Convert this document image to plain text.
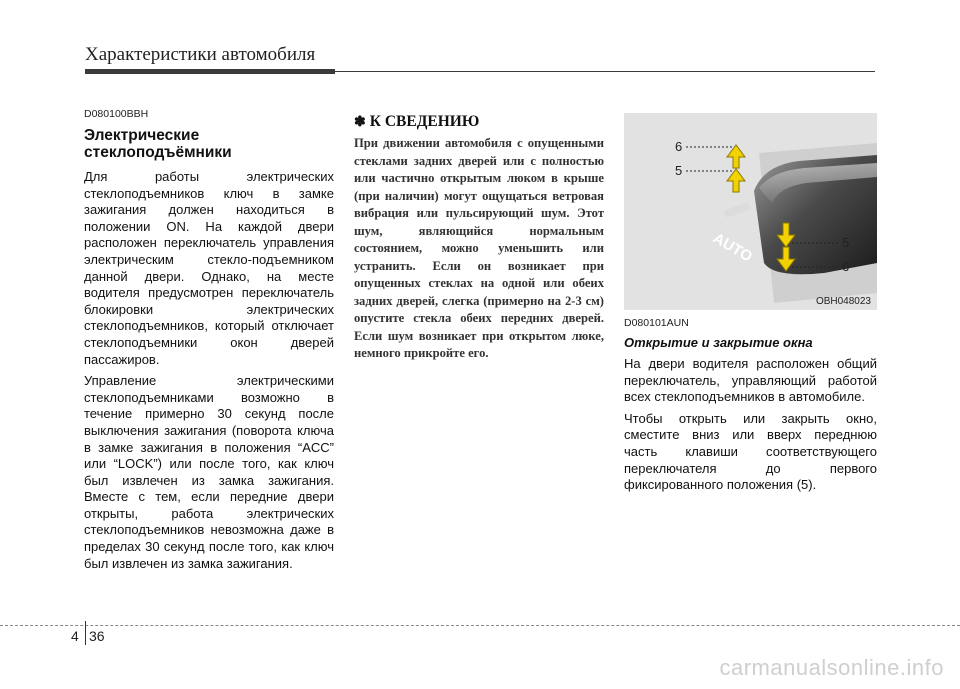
Характеристики автомобиля
D080100BBH
Электрические стеклоподъёмники

Для работы электрических стеклоподъемников ключ в замке зажигания должен находиться в положении ON. На каждой двери расположен переключатель управления электрическим стекло-подъемником данной двери. Однако, на месте водителя предусмотрен переключатель блокировки электрических стеклоподъемников, который отключает стеклоподъемники окон дверей пассажиров.

Управление электрическими стеклоподъемниками возможно в течение примерно 30 секунд после выключения зажигания (поворота ключа в замке зажигания в положения “ACC” или “LOCK”) или после того, как ключ был извлечен из замка зажигания. Вместе с тем, если передние двери открыты, работа электрических стеклоподъемников невозможна даже в пределах 30 секунд после того, как ключ был извлечен из замка зажигания.

✽ К СВЕДЕНИЮ
При движении автомобиля с опущенными стеклами задних дверей или с полностью или частично открытым люком в крыше (при наличии) могут ощущаться ветровая вибрация или пульсирующий шум. Этот шум, являющийся нормальным состоянием, можно уменьшить или устранить. Если он возникает при опущенных стеклах на одной или обеих задних дверей, слегка (примерно на 2-3 см) опустите стекла обеих передних дверей. Если шум возникает при открытом люке, немного прикройте его.
AUTO
6
5
5
6
OBH048023
D080101AUN
Открытие и закрытие окна

На двери водителя расположен общий переключатель, управляющий работой всех стеклоподъемников в автомобиле.

Чтобы открыть или закрыть окно, сместите вниз или вверх переднюю часть клавиши соответствующего переключателя до первого фиксированного положения (5).

4 36
carmanualsonline.info
